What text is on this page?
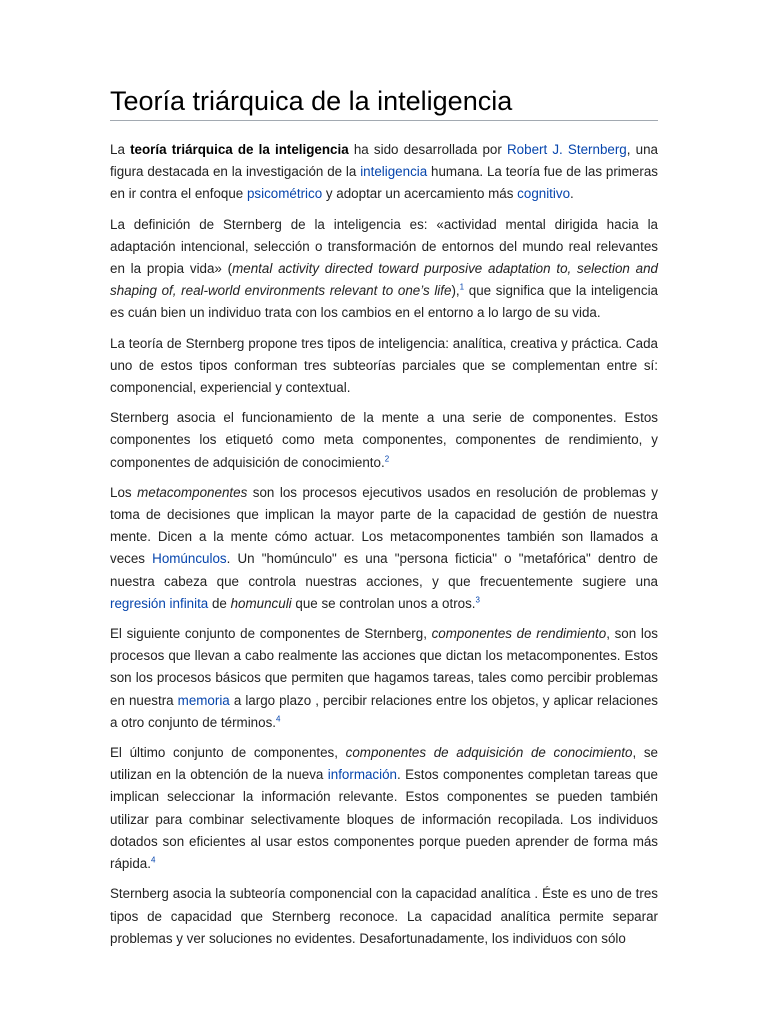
Teoría triárquica de la inteligencia

La teoría triárquica de la inteligencia ha sido desarrollada por Robert J. Sternberg, una figura destacada en la investigación de la inteligencia humana. La teoría fue de las primeras en ir contra el enfoque psicométrico y adoptar un acercamiento más cognitivo.

La definición de Sternberg de la inteligencia es: «actividad mental dirigida hacia la adaptación intencional, selección o transformación de entornos del mundo real relevantes en la propia vida» (mental activity directed toward purposive adaptation to, selection and shaping of, real-world environments relevant to one’s life),$^1$ que significa que la inteligencia es cuán bien un individuo trata con los cambios en el entorno a lo largo de su vida.

La teoría de Sternberg propone tres tipos de inteligencia: analítica, creativa y práctica. Cada uno de estos tipos conforman tres subteorías parciales que se complementan entre sí: componencial, experiencial y contextual.

Sternberg asocia el funcionamiento de la mente a una serie de componentes. Estos componentes los etiquetó como meta componentes, componentes de rendimiento, y componentes de adquisición de conocimiento.$^2$

Los metacomponentes son los procesos ejecutivos usados en resolución de problemas y toma de decisiones que implican la mayor parte de la capacidad de gestión de nuestra mente. Dicen a la mente cómo actuar. Los metacomponentes también son llamados a veces Homúnculos. Un "homúnculo" es una "persona ficticia" o "metafórica" dentro de nuestra cabeza que controla nuestras acciones, y que frecuentemente sugiere una regresión infinita de homunculi que se controlan unos a otros.$^3$

El siguiente conjunto de componentes de Sternberg, componentes de rendimiento, son los procesos que llevan a cabo realmente las acciones que dictan los metacomponentes. Estos son los procesos básicos que permiten que hagamos tareas, tales como percibir problemas en nuestra memoria a largo plazo , percibir relaciones entre los objetos, y aplicar relaciones a otro conjunto de términos.$^4$

El último conjunto de componentes, componentes de adquisición de conocimiento, se utilizan en la obtención de la nueva información. Estos componentes completan tareas que implican seleccionar la información relevante. Estos componentes se pueden también utilizar para combinar selectivamente bloques de información recopilada. Los individuos dotados son eficientes al usar estos componentes porque pueden aprender de forma más rápida.$^4$

Sternberg asocia la subteoría componencial con la capacidad analítica . Éste es uno de tres tipos de capacidad que Sternberg reconoce. La capacidad analítica permite separar problemas y ver soluciones no evidentes. Desafortunadamente, los individuos con sólo
